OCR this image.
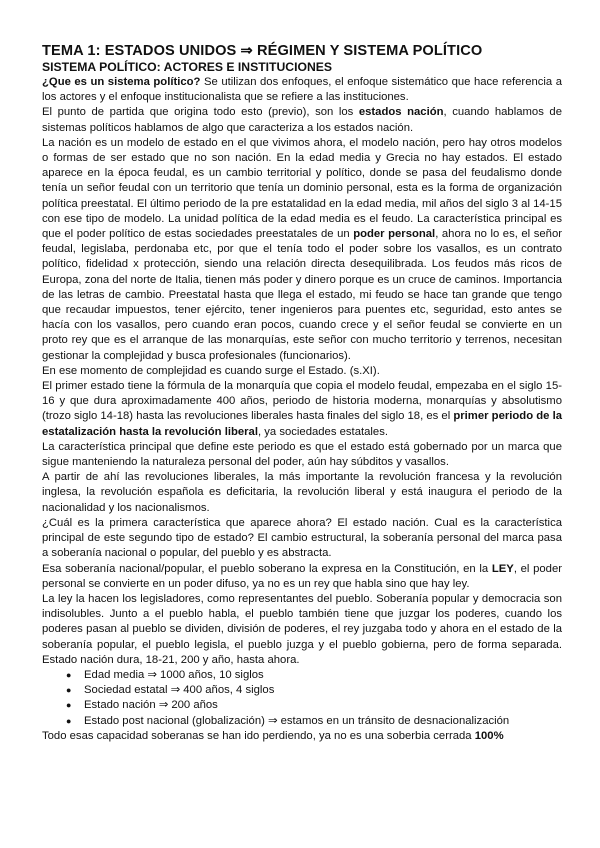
TEMA 1: ESTADOS UNIDOS ⇒ RÉGIMEN Y SISTEMA POLÍTICO
SISTEMA POLÍTICO: ACTORES E INSTITUCIONES

¿Que es un sistema político? Se utilizan dos enfoques, el enfoque sistemático que hace referencia a los actores y el enfoque institucionalista que se refiere a las instituciones.

El punto de partida que origina todo esto (previo), son los estados nación, cuando hablamos de sistemas políticos hablamos de algo que caracteriza a los estados nación.

La nación es un modelo de estado en el que vivimos ahora, el modelo nación, pero hay otros modelos o formas de ser estado que no son nación. En la edad media y Grecia no hay estados. El estado aparece en la época feudal, es un cambio territorial y político, donde se pasa del feudalismo donde tenía un señor feudal con un territorio que tenía un dominio personal, esta es la forma de organización política preestatal. El último periodo de la pre estatalidad en la edad media, mil años del siglo 3 al 14-15 con ese tipo de modelo. La unidad política de la edad media es el feudo. La característica principal es que el poder político de estas sociedades preestatales de un poder personal, ahora no lo es, el señor feudal, legislaba, perdonaba etc, por que el tenía todo el poder sobre los vasallos, es un contrato político, fidelidad x protección, siendo una relación directa desequilibrada. Los feudos más ricos de Europa, zona del norte de Italia, tienen más poder y dinero porque es un cruce de caminos. Importancia de las letras de cambio. Preestatal hasta que llega el estado, mi feudo se hace tan grande que tengo que recaudar impuestos, tener ejército, tener ingenieros para puentes etc, seguridad, esto antes se hacía con los vasallos, pero cuando eran pocos, cuando crece y el señor feudal se convierte en un proto rey que es el arranque de las monarquías, este señor con mucho territorio y terrenos, necesitan gestionar la complejidad y busca profesionales (funcionarios).

En ese momento de complejidad es cuando surge el Estado. (s.XI).

El primer estado tiene la fórmula de la monarquía que copia el modelo feudal, empezaba en el siglo 15-16 y que dura aproximadamente 400 años, periodo de historia moderna, monarquías y absolutismo (trozo siglo 14-18) hasta las revoluciones liberales hasta finales del siglo 18, es el primer periodo de la estatalización hasta la revolución liberal, ya sociedades estatales.

La característica principal que define este periodo es que el estado está gobernado por un marca que sigue manteniendo la naturaleza personal del poder, aún hay súbditos y vasallos.

A partir de ahí las revoluciones liberales, la más importante la revolución francesa y la revolución inglesa, la revolución española es deficitaria, la revolución liberal y está inaugura el periodo de la nacionalidad y los nacionalismos.

¿Cuál es la primera característica que aparece ahora? El estado nación. Cual es la característica principal de este segundo tipo de estado? El cambio estructural, la soberanía personal del marca pasa a soberanía nacional o popular, del pueblo y es abstracta.

Esa soberanía nacional/popular, el pueblo soberano la expresa en la Constitución, en la LEY, el poder personal se convierte en un poder difuso, ya no es un rey que habla sino que hay ley.

La ley la hacen los legisladores, como representantes del pueblo. Soberanía popular y democracia son indisolubles. Junto a el pueblo habla, el pueblo también tiene que juzgar los poderes, cuando los poderes pasan al pueblo se dividen, división de poderes, el rey juzgaba todo y ahora en el estado de la soberanía popular, el pueblo legisla, el pueblo juzga y el pueblo gobierna, pero de forma separada. Estado nación dura, 18-21, 200 y año, hasta ahora.

● Edad media ⇒ 1000 años, 10 siglos
● Sociedad estatal ⇒ 400 años, 4 siglos
● Estado nación ⇒ 200 años
● Estado post nacional (globalización) ⇒ estamos en un tránsito de desnacionalización

Todo esas capacidad soberanas se han ido perdiendo, ya no es una soberbia cerrada 100%
